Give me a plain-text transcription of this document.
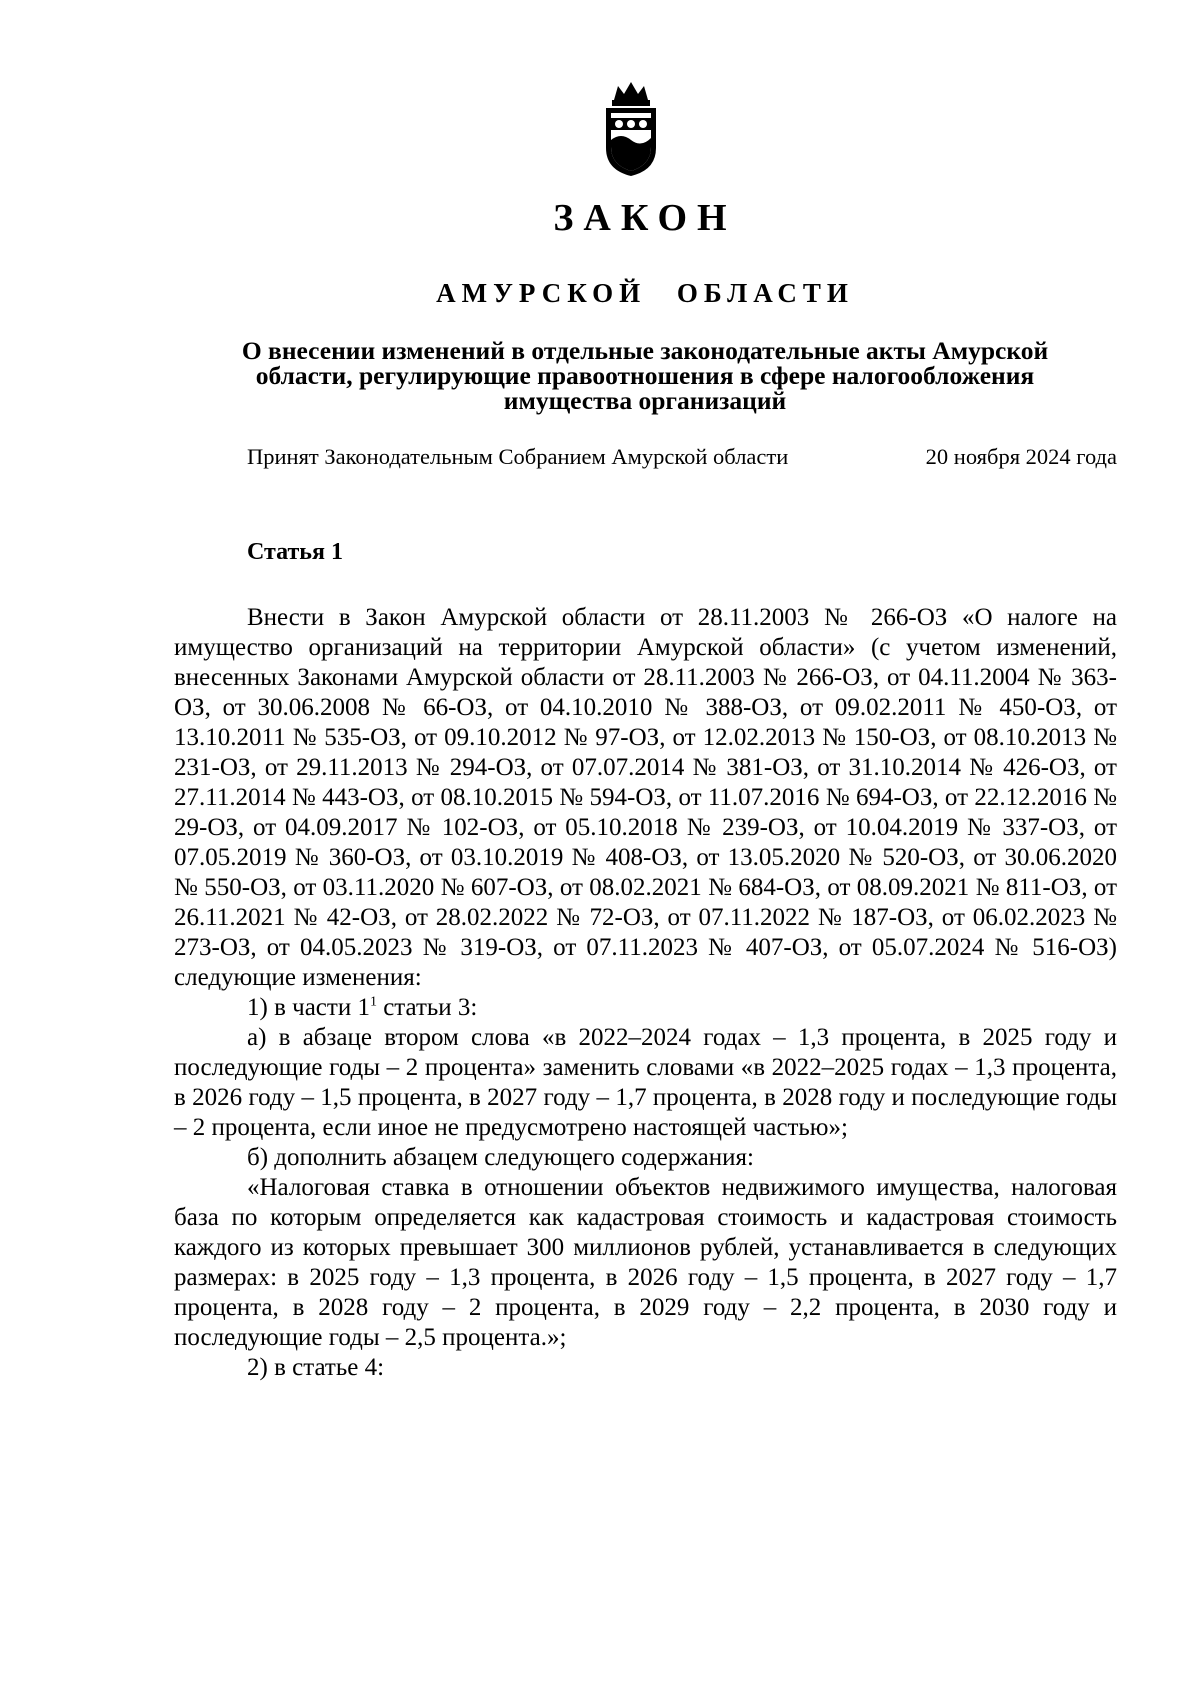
ЗАКОН
АМУРСКОЙ ОБЛАСТИ
О внесении изменений в отдельные законодательные акты Амурской области, регулирующие правоотношения в сфере налогообложения имущества организаций
Принят Законодательным Собранием Амурской области	20 ноября 2024 года
Статья 1

Внести в Закон Амурской области от 28.11.2003 № 266-ОЗ «О налоге на имущество организаций на территории Амурской области» (с учетом изменений, внесенных Законами Амурской области от 28.11.2003 № 266-ОЗ, от 04.11.2004 № 363-ОЗ, от 30.06.2008 № 66-ОЗ, от 04.10.2010 № 388-ОЗ, от 09.02.2011 № 450-ОЗ, от 13.10.2011 № 535-ОЗ, от 09.10.2012 № 97-ОЗ, от 12.02.2013 № 150-ОЗ, от 08.10.2013 № 231-ОЗ, от 29.11.2013 № 294-ОЗ, от 07.07.2014 № 381-ОЗ, от 31.10.2014 № 426-ОЗ, от 27.11.2014 № 443-ОЗ, от 08.10.2015 № 594-ОЗ, от 11.07.2016 № 694-ОЗ, от 22.12.2016 № 29-ОЗ, от 04.09.2017 № 102-ОЗ, от 05.10.2018 № 239-ОЗ, от 10.04.2019 № 337-ОЗ, от 07.05.2019 № 360-ОЗ, от 03.10.2019 № 408-ОЗ, от 13.05.2020 № 520-ОЗ, от 30.06.2020 № 550-ОЗ, от 03.11.2020 № 607-ОЗ, от 08.02.2021 № 684-ОЗ, от 08.09.2021 № 811-ОЗ, от 26.11.2021 № 42-ОЗ, от 28.02.2022 № 72-ОЗ, от 07.11.2022 № 187-ОЗ, от 06.02.2023 № 273-ОЗ, от 04.05.2023 № 319-ОЗ, от 07.11.2023 № 407-ОЗ, от 05.07.2024 № 516-ОЗ) следующие изменения:

1) в части $1^1$ статьи 3:

а) в абзаце втором слова «в 2022–2024 годах – 1,3 процента, в 2025 году и последующие годы – 2 процента» заменить словами «в 2022–2025 годах – 1,3 процента, в 2026 году – 1,5 процента, в 2027 году – 1,7 процента, в 2028 году и последующие годы – 2 процента, если иное не предусмотрено настоящей частью»;

б) дополнить абзацем следующего содержания:

«Налоговая ставка в отношении объектов недвижимого имущества, налоговая база по которым определяется как кадастровая стоимость и кадастровая стоимость каждого из которых превышает 300 миллионов рублей, устанавливается в следующих размерах: в 2025 году – 1,3 процента, в 2026 году – 1,5 процента, в 2027 году – 1,7 процента, в 2028 году – 2 процента, в 2029 году – 2,2 процента, в 2030 году и последующие годы – 2,5 процента.»;

2) в статье 4:
